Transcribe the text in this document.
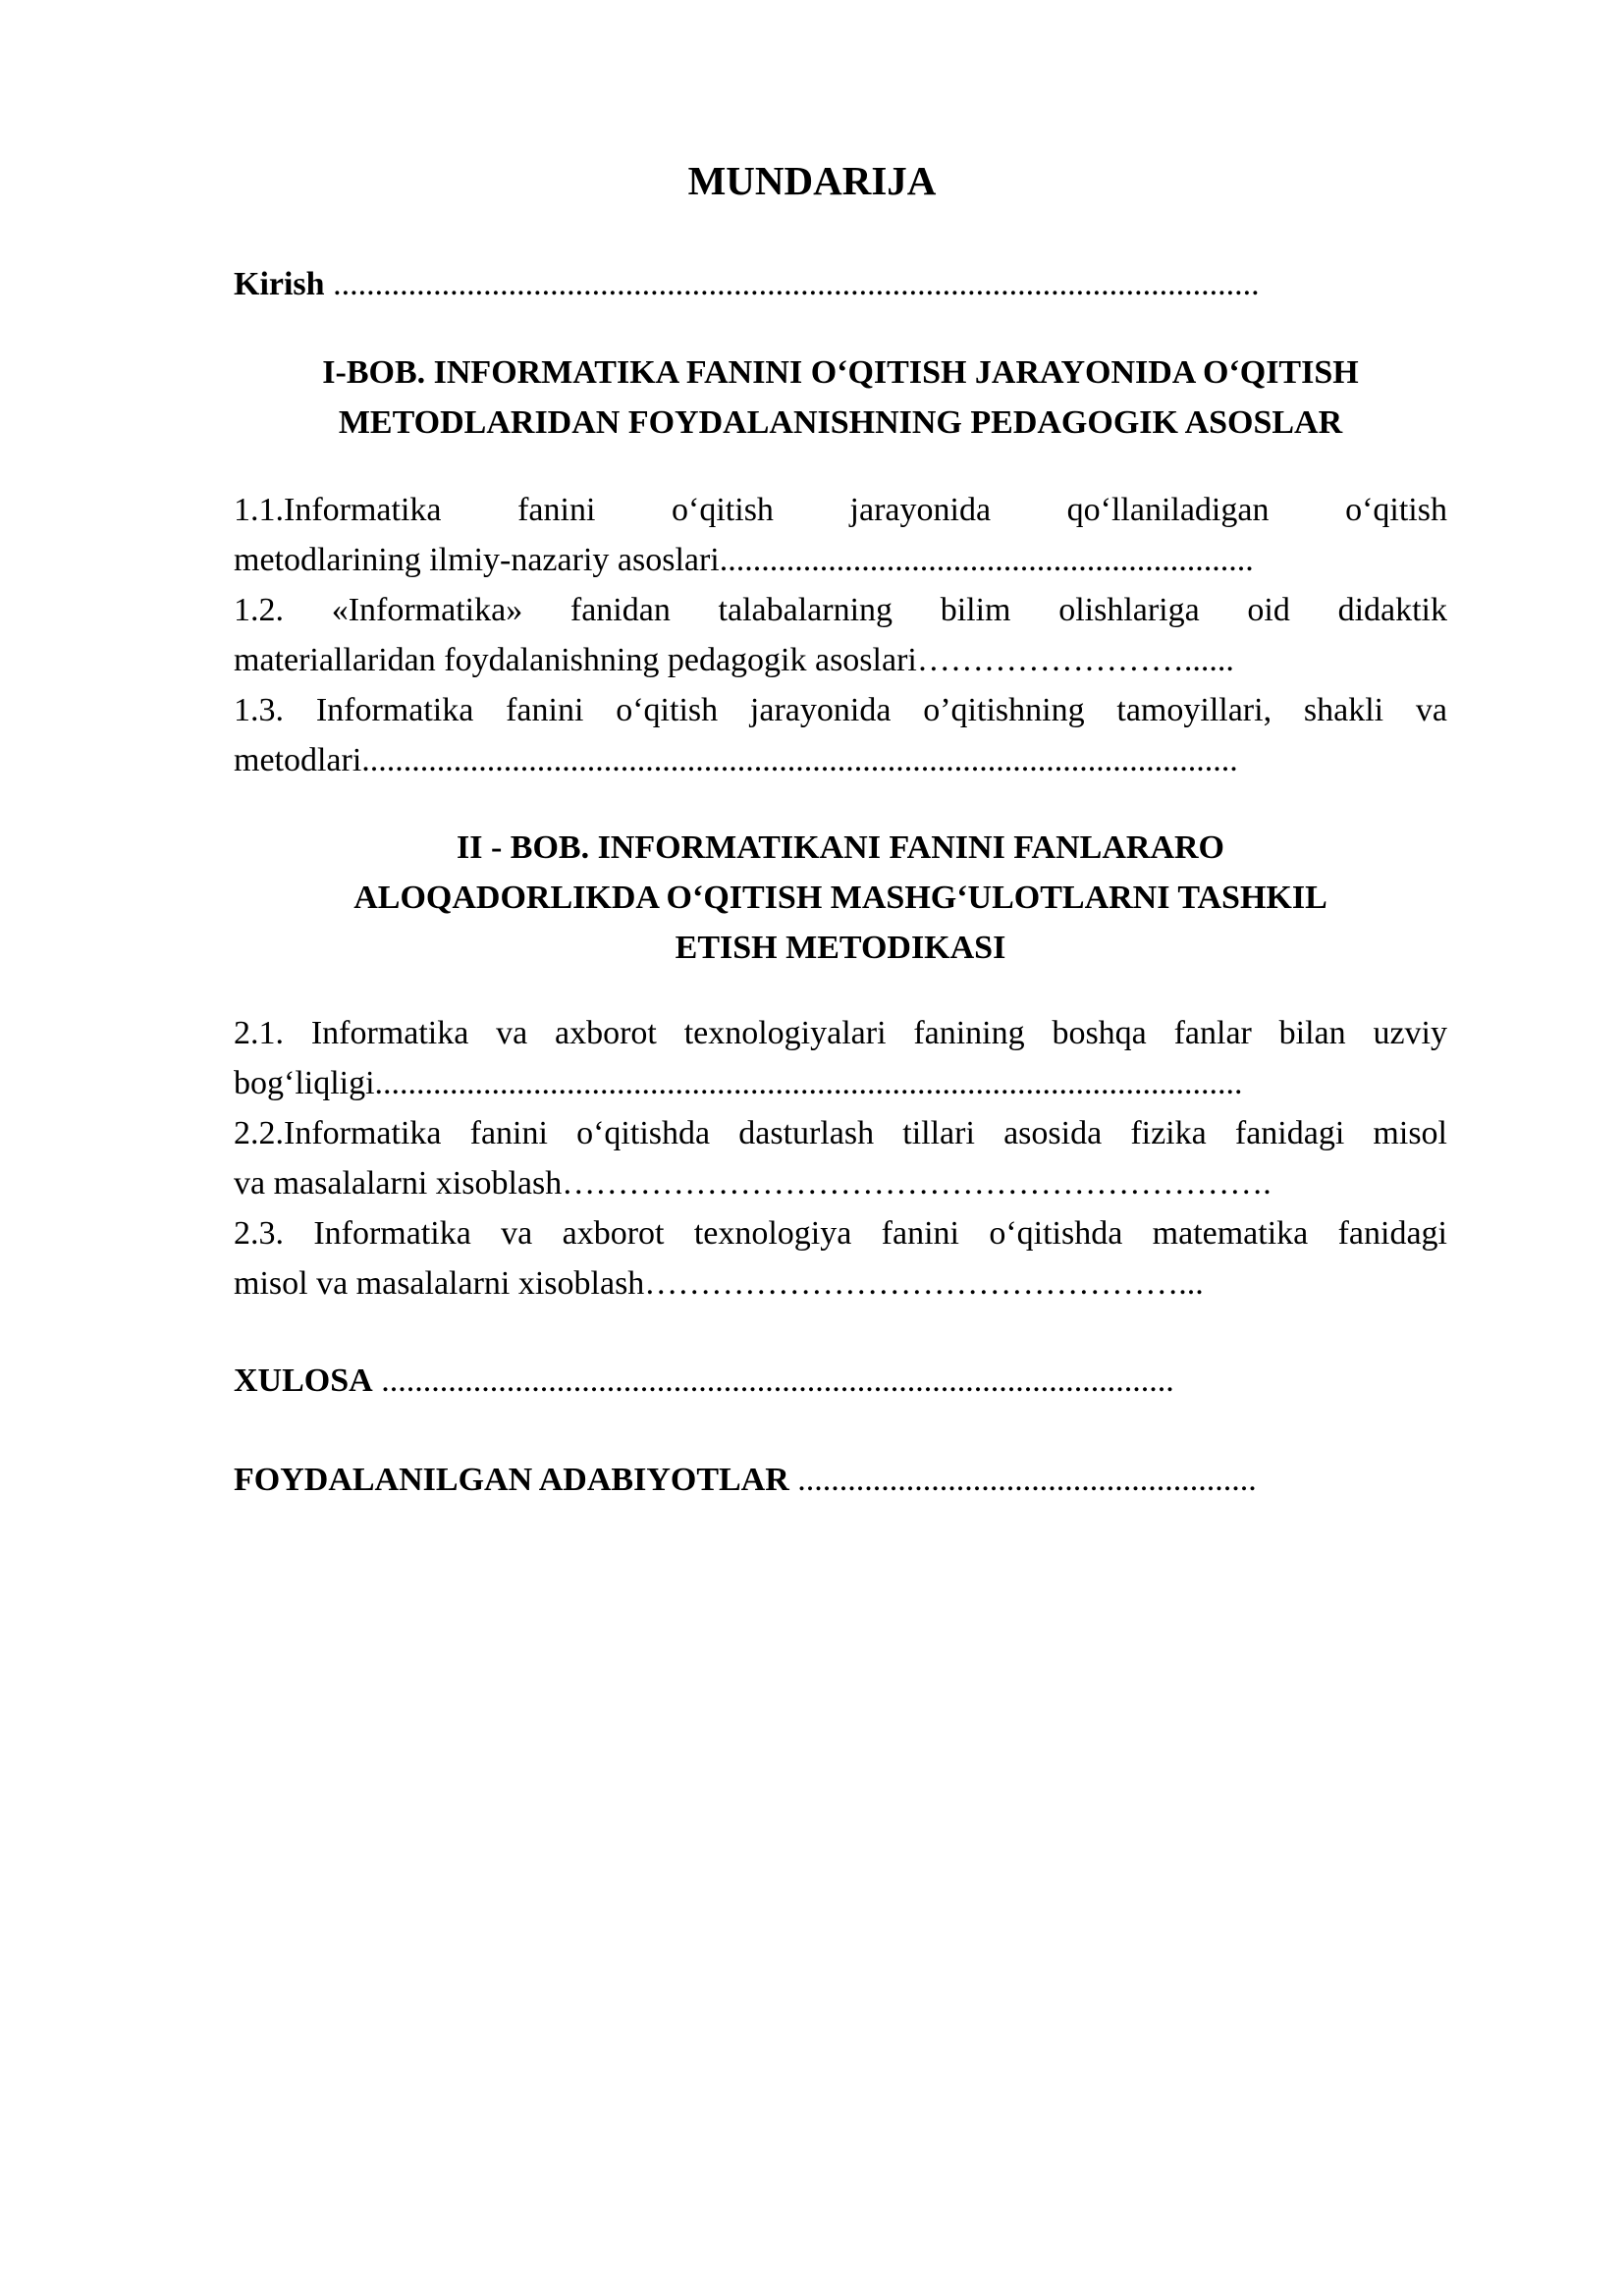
MUNDARIJA
Kirish ...............................................................................................................
I-BOB. INFORMATIKA FANINI O‘QITISH JARAYONIDA O‘QITISH
METODLARIDAN FOYDALANISHNING PEDAGOGIK ASOSLAR
1.1.Informatika fanini o‘qitish jarayonida qo‘llaniladigan o‘qitish
metodlarining ilmiy-nazariy asoslari................................................................
1.2. «Informatika» fanidan talabalarning bilim olishlariga oid didaktik
materiallaridan foydalanishning pedagogik asoslari……………………......
1.3. Informatika fanini o‘qitish jarayonida o’qitishning tamoyillari, shakli va
metodlari.........................................................................................................
II - BOB. INFORMATIKANI FANINI FANLARARO
ALOQADORLIKDA O‘QITISH MASHG‘ULOTLARNI TASHKIL
ETISH METODIKASI
2.1. Informatika va axborot texnologiyalari fanining boshqa fanlar bilan uzviy
bog‘liqligi........................................................................................................
2.2.Informatika fanini o‘qitishda dasturlash tillari asosida fizika fanidagi misol
va masalalarni xisoblash……………………………………………………….
2.3. Informatika va axborot texnologiya fanini o‘qitishda matematika fanidagi
misol va masalalarni xisoblash…………………………………………...
XULOSA ...............................................................................................
FOYDALANILGAN ADABIYOTLAR .......................................................
